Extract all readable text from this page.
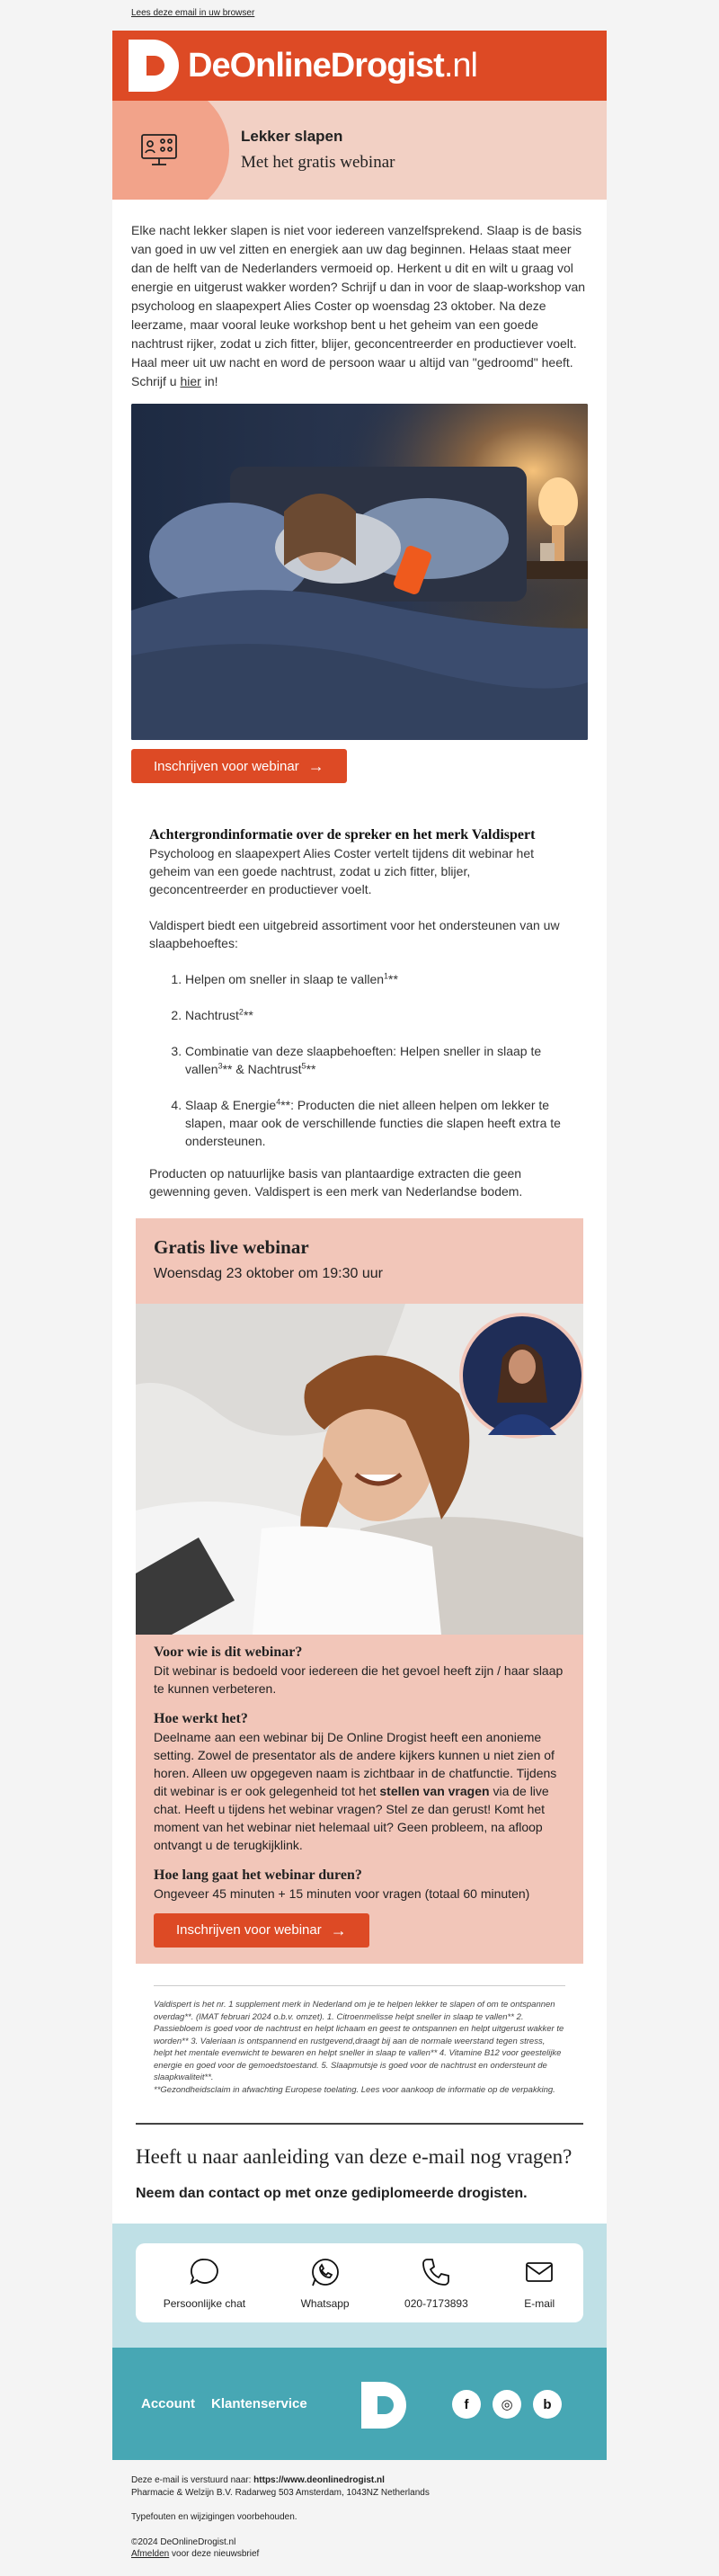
Lees deze email in uw browser
DeOnlineDrogist.nl
Lekker slapen
Met het gratis webinar
Elke nacht lekker slapen is niet voor iedereen vanzelfsprekend. Slaap is de basis van goed in uw vel zitten en energiek aan uw dag beginnen. Helaas staat meer dan de helft van de Nederlanders vermoeid op. Herkent u dit en wilt u graag vol energie en uitgerust wakker worden? Schrijf u dan in voor de slaap-workshop van psycholoog en slaapexpert Alies Coster op woensdag 23 oktober. Na deze leerzame, maar vooral leuke workshop bent u het geheim van een goede nachtrust rijker, zodat u zich fitter, blijer, geconcentreerder en productiever voelt. Haal meer uit uw nacht en word de persoon waar u altijd van "gedroomd" heeft. Schrijf u hier in!
Inschrijven voor webinar →
Achtergrondinformatie over de spreker en het merk Valdispert

Psycholoog en slaapexpert Alies Coster vertelt tijdens dit webinar het geheim van een goede nachtrust, zodat u zich fitter, blijer, geconcentreerder en productiever voelt.

Valdispert biedt een uitgebreid assortiment voor het ondersteunen van uw slaapbehoeftes:

1. Helpen om sneller in slaap te vallen$^1$**
2. Nachtrust$^2$**
3. Combinatie van deze slaapbehoeften: Helpen sneller in slaap te vallen$^3$** & Nachtrust$^5$**
4. Slaap & Energie$^4$**: Producten die niet alleen helpen om lekker te slapen, maar ook de verschillende functies die slapen heeft extra te ondersteunen.

Producten op natuurlijke basis van plantaardige extracten die geen gewenning geven. Valdispert is een merk van Nederlandse bodem.

Gratis live webinar
Woensdag 23 oktober om 19:30 uur
Voor wie is dit webinar?
Dit webinar is bedoeld voor iedereen die het gevoel heeft zijn / haar slaap te kunnen verbeteren.
Hoe werkt het?
Deelname aan een webinar bij De Online Drogist heeft een anonieme setting. Zowel de presentator als de andere kijkers kunnen u niet zien of horen. Alleen uw opgegeven naam is zichtbaar in de chatfunctie. Tijdens dit webinar is er ook gelegenheid tot het stellen van vragen via de live chat. Heeft u tijdens het webinar vragen? Stel ze dan gerust! Komt het moment van het webinar niet helemaal uit? Geen probleem, na afloop ontvangt u de terugkijklink.
Hoe lang gaat het webinar duren?
Ongeveer 45 minuten + 15 minuten voor vragen (totaal 60 minuten)
Inschrijven voor webinar →
Valdispert is het nr. 1 supplement merk in Nederland om je te helpen lekker te slapen of om te ontspannen overdag**. (IMAT februari 2024 o.b.v. omzet). 1. Citroenmelisse helpt sneller in slaap te vallen** 2. Passiebloem is goed voor de nachtrust en helpt lichaam en geest te ontspannen en helpt uitgerust wakker te worden** 3. Valeriaan is ontspannend en rustgevend,draagt bij aan de normale weerstand tegen stress, helpt het mentale evenwicht te bewaren en helpt sneller in slaap te vallen** 4. Vitamine B12 voor geestelijke energie en goed voor de gemoedstoestand. 5. Slaapmutsje is goed voor de nachtrust en ondersteunt de slaapkwaliteit**.
**Gezondheidsclaim in afwachting Europese toelating. Lees voor aankoop de informatie op de verpakking.
Heeft u naar aanleiding van deze e-mail nog vragen?
Neem dan contact op met onze gediplomeerde drogisten.
Persoonlijke chat	Whatsapp	020-7173893	E-mail
Account Klantenservice	f	◎	b
Deze e-mail is verstuurd naar: https://www.deonlinedrogist.nl
Pharmacie & Welzijn B.V. Radarweg 503 Amsterdam, 1043NZ Netherlands
Typefouten en wijzigingen voorbehouden.
©2024 DeOnlineDrogist.nl
Afmelden voor deze nieuwsbrief
